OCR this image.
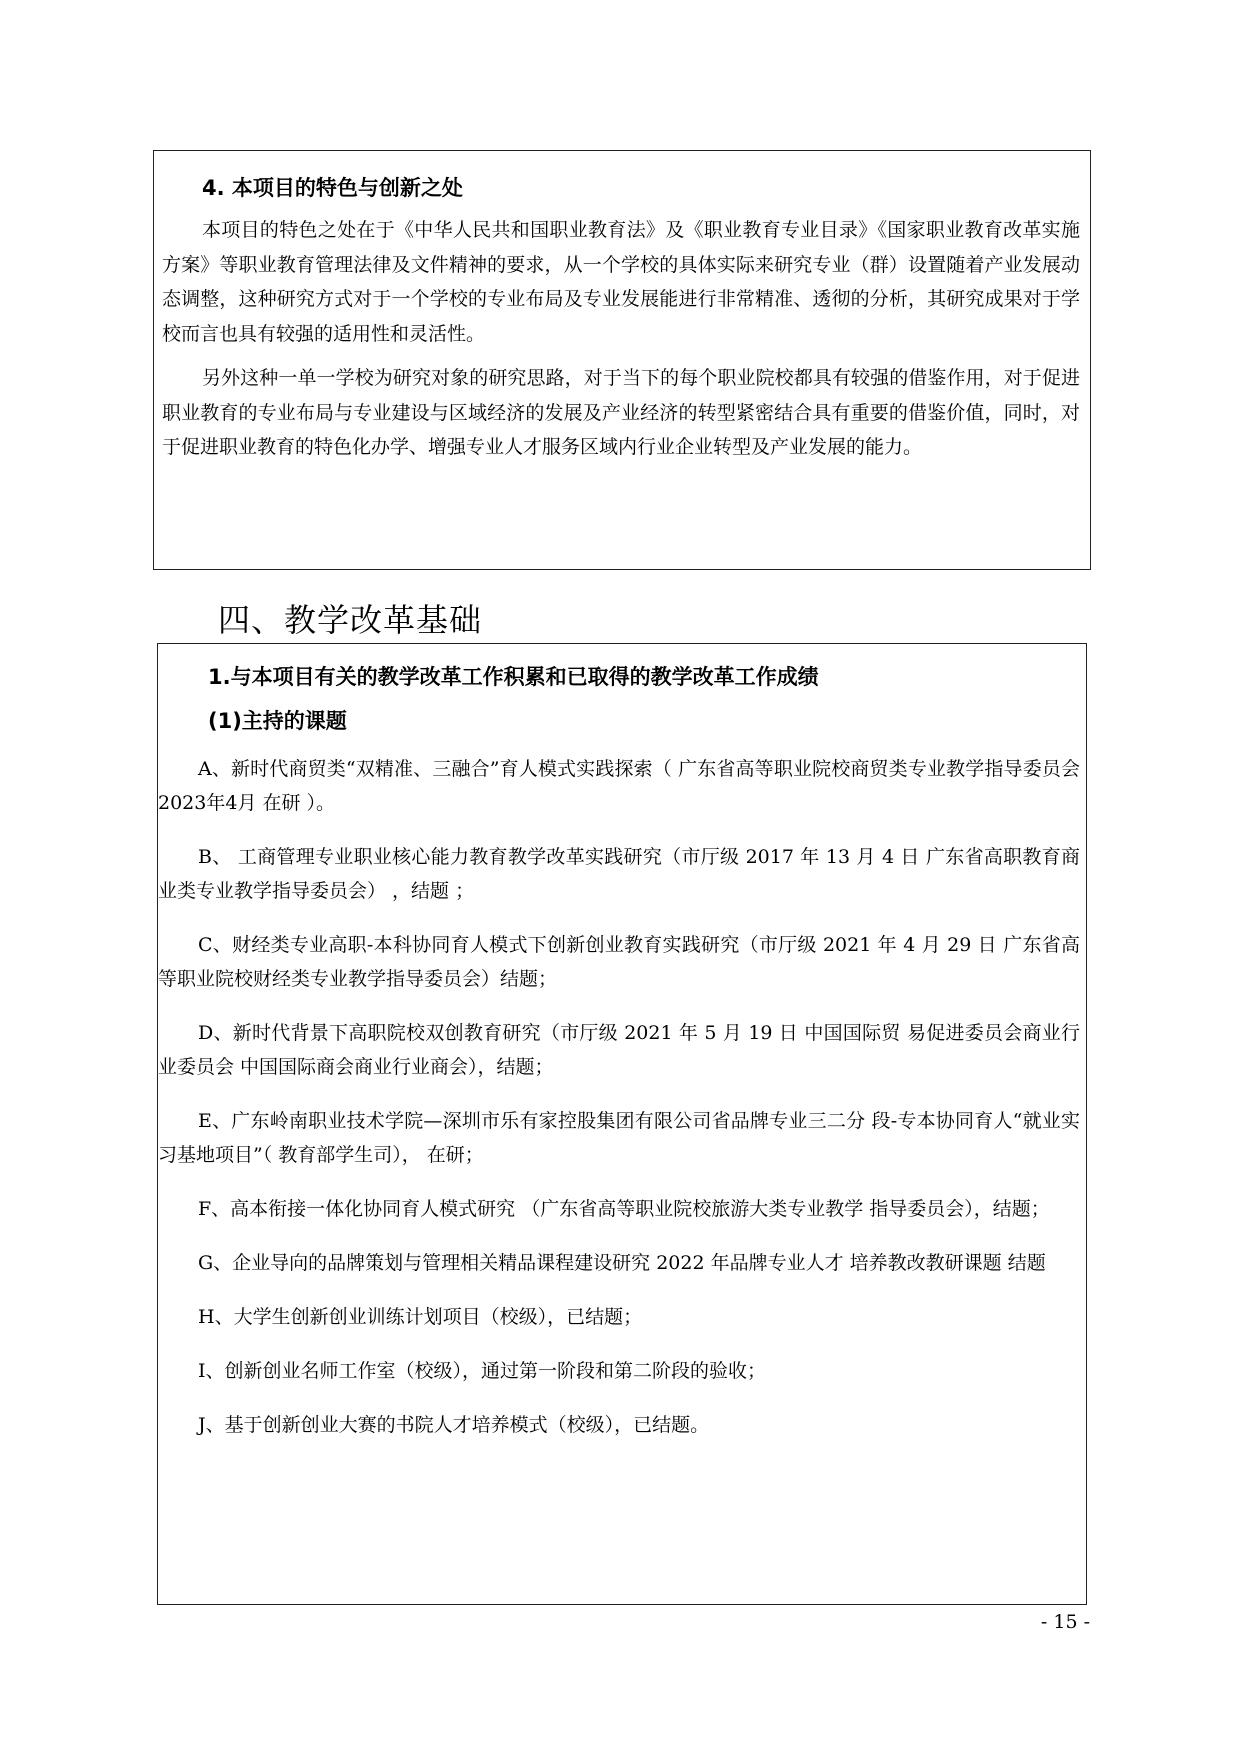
4. 本项目的特色与创新之处

本项目的特色之处在于《中华人民共和国职业教育法》及《职业教育专业目录》《国家职业教育改革实施方案》等职业教育管理法律及文件精神的要求，从一个学校的具体实际来研究专业（群）设置随着产业发展动态调整，这种研究方式对于一个学校的专业布局及专业发展能进行非常精准、透彻的分析，其研究成果对于学校而言也具有较强的适用性和灵活性。

另外这种一单一学校为研究对象的研究思路，对于当下的每个职业院校都具有较强的借鉴作用，对于促进职业教育的专业布局与专业建设与区域经济的发展及产业经济的转型紧密结合具有重要的借鉴价值，同时，对于促进职业教育的特色化办学、增强专业人才服务区域内行业企业转型及产业发展的能力。

四、教学改革基础
1.与本项目有关的教学改革工作积累和已取得的教学改革工作成绩
(1)主持的课题

A、新时代商贸类“双精准、三融合”育人模式实践探索（ 广东省高等职业院校商贸类专业教学指导委员会 2023年4月 在研 ）。

B、 工商管理专业职业核心能力教育教学改革实践研究（市厅级 2017 年 13 月 4 日 广东省高职教育商业类专业教学指导委员会） ，结题 ；

C、财经类专业高职-本科协同育人模式下创新创业教育实践研究（市厅级 2021 年 4 月 29 日 广东省高等职业院校财经类专业教学指导委员会）结题；

D、新时代背景下高职院校双创教育研究（市厅级 2021 年 5 月 19 日 中国国际贸 易促进委员会商业行业委员会 中国国际商会商业行业商会），结题；

E、广东岭南职业技术学院—深圳市乐有家控股集团有限公司省品牌专业三二分 段-专本协同育人“就业实习基地项目”（ 教育部学生司）， 在研；

F、高本衔接一体化协同育人模式研究 （广东省高等职业院校旅游大类专业教学 指导委员会），结题；

G、企业导向的品牌策划与管理相关精品课程建设研究 2022 年品牌专业人才 培养教改教研课题 结题

H、大学生创新创业训练计划项目（校级），已结题；

I、创新创业名师工作室（校级），通过第一阶段和第二阶段的验收；

J、基于创新创业大赛的书院人才培养模式（校级），已结题。

- 15 -
